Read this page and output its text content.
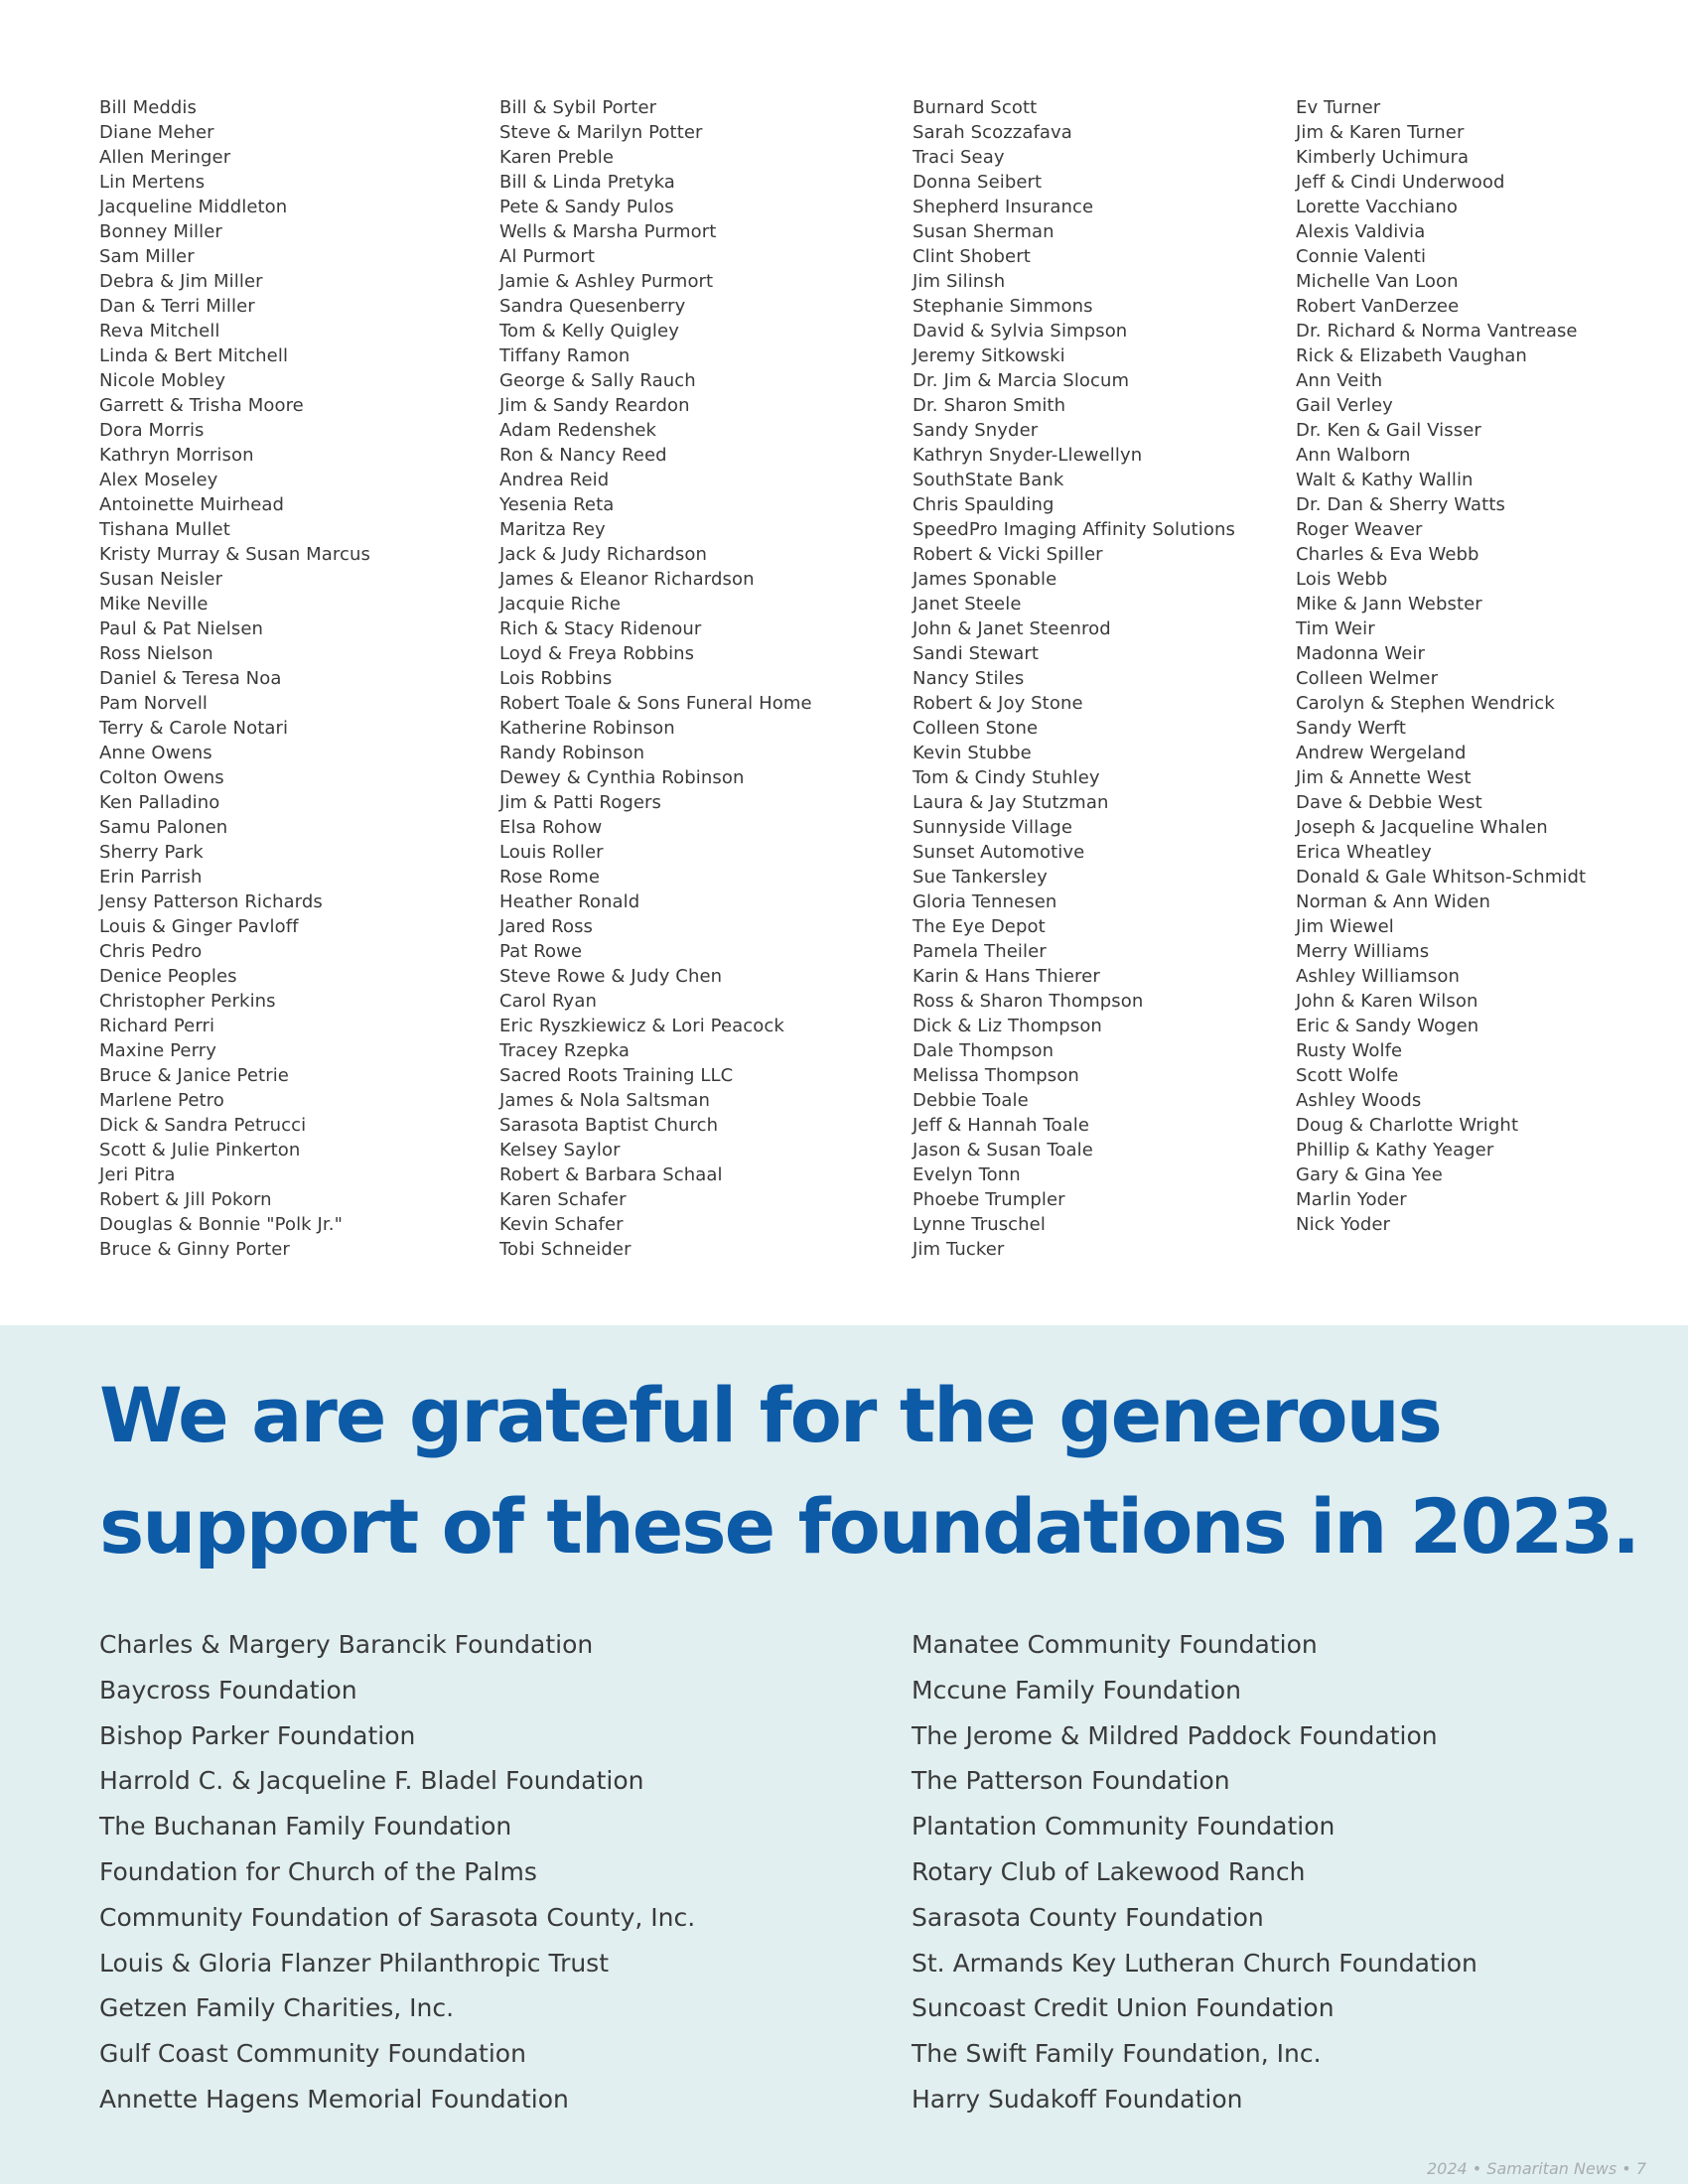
Bill Meddis
Diane Meher
Allen Meringer
Lin Mertens
Jacqueline Middleton
Bonney Miller
Sam Miller
Debra & Jim Miller
Dan & Terri Miller
Reva Mitchell
Linda & Bert Mitchell
Nicole Mobley
Garrett & Trisha Moore
Dora Morris
Kathryn Morrison
Alex Moseley
Antoinette Muirhead
Tishana Mullet
Kristy Murray & Susan Marcus
Susan Neisler
Mike Neville
Paul & Pat Nielsen
Ross Nielson
Daniel & Teresa Noa
Pam Norvell
Terry & Carole Notari
Anne Owens
Colton Owens
Ken Palladino
Samu Palonen
Sherry Park
Erin Parrish
Jensy Patterson Richards
Louis & Ginger Pavloff
Chris Pedro
Denice Peoples
Christopher Perkins
Richard Perri
Maxine Perry
Bruce & Janice Petrie
Marlene Petro
Dick & Sandra Petrucci
Scott & Julie Pinkerton
Jeri Pitra
Robert & Jill Pokorn
Douglas & Bonnie "Polk Jr."
Bruce & Ginny Porter
Bill & Sybil Porter
Steve & Marilyn Potter
Karen Preble
Bill & Linda Pretyka
Pete & Sandy Pulos
Wells & Marsha Purmort
Al Purmort
Jamie & Ashley Purmort
Sandra Quesenberry
Tom & Kelly Quigley
Tiffany Ramon
George & Sally Rauch
Jim & Sandy Reardon
Adam Redenshek
Ron & Nancy Reed
Andrea Reid
Yesenia Reta
Maritza Rey
Jack & Judy Richardson
James & Eleanor Richardson
Jacquie Riche
Rich & Stacy Ridenour
Loyd & Freya Robbins
Lois Robbins
Robert Toale & Sons Funeral Home
Katherine Robinson
Randy Robinson
Dewey & Cynthia Robinson
Jim & Patti Rogers
Elsa Rohow
Louis Roller
Rose Rome
Heather Ronald
Jared Ross
Pat Rowe
Steve Rowe & Judy Chen
Carol Ryan
Eric Ryszkiewicz & Lori Peacock
Tracey Rzepka
Sacred Roots Training LLC
James & Nola Saltsman
Sarasota Baptist Church
Kelsey Saylor
Robert & Barbara Schaal
Karen Schafer
Kevin Schafer
Tobi Schneider
Burnard Scott
Sarah Scozzafava
Traci Seay
Donna Seibert
Shepherd Insurance
Susan Sherman
Clint Shobert
Jim Silinsh
Stephanie Simmons
David & Sylvia Simpson
Jeremy Sitkowski
Dr. Jim & Marcia Slocum
Dr. Sharon Smith
Sandy Snyder
Kathryn Snyder-Llewellyn
SouthState Bank
Chris Spaulding
SpeedPro Imaging Affinity Solutions
Robert & Vicki Spiller
James Sponable
Janet Steele
John & Janet Steenrod
Sandi Stewart
Nancy Stiles
Robert & Joy Stone
Colleen Stone
Kevin Stubbe
Tom & Cindy Stuhley
Laura & Jay Stutzman
Sunnyside Village
Sunset Automotive
Sue Tankersley
Gloria Tennesen
The Eye Depot
Pamela Theiler
Karin & Hans Thierer
Ross & Sharon Thompson
Dick & Liz Thompson
Dale Thompson
Melissa Thompson
Debbie Toale
Jeff & Hannah Toale
Jason & Susan Toale
Evelyn Tonn
Phoebe Trumpler
Lynne Truschel
Jim Tucker
Ev Turner
Jim & Karen Turner
Kimberly Uchimura
Jeff & Cindi Underwood
Lorette Vacchiano
Alexis Valdivia
Connie Valenti
Michelle Van Loon
Robert VanDerzee
Dr. Richard & Norma Vantrease
Rick & Elizabeth Vaughan
Ann Veith
Gail Verley
Dr. Ken & Gail Visser
Ann Walborn
Walt & Kathy Wallin
Dr. Dan & Sherry Watts
Roger Weaver
Charles & Eva Webb
Lois Webb
Mike & Jann Webster
Tim Weir
Madonna Weir
Colleen Welmer
Carolyn & Stephen Wendrick
Sandy Werft
Andrew Wergeland
Jim & Annette West
Dave & Debbie West
Joseph & Jacqueline Whalen
Erica Wheatley
Donald & Gale Whitson-Schmidt
Norman & Ann Widen
Jim Wiewel
Merry Williams
Ashley Williamson
John & Karen Wilson
Eric & Sandy Wogen
Rusty Wolfe
Scott Wolfe
Ashley Woods
Doug & Charlotte Wright
Phillip & Kathy Yeager
Gary & Gina Yee
Marlin Yoder
Nick Yoder
We are grateful for the generous
support of these foundations in 2023.
Charles & Margery Barancik Foundation
Baycross Foundation
Bishop Parker Foundation
Harrold C. & Jacqueline F. Bladel Foundation
The Buchanan Family Foundation
Foundation for Church of the Palms
Community Foundation of Sarasota County, Inc.
Louis & Gloria Flanzer Philanthropic Trust
Getzen Family Charities, Inc.
Gulf Coast Community Foundation
Annette Hagens Memorial Foundation
Manatee Community Foundation
Mccune Family Foundation
The Jerome & Mildred Paddock Foundation
The Patterson Foundation
Plantation Community Foundation
Rotary Club of Lakewood Ranch
Sarasota County Foundation
St. Armands Key Lutheran Church Foundation
Suncoast Credit Union Foundation
The Swift Family Foundation, Inc.
Harry Sudakoff Foundation
2024 • Samaritan News • 7
